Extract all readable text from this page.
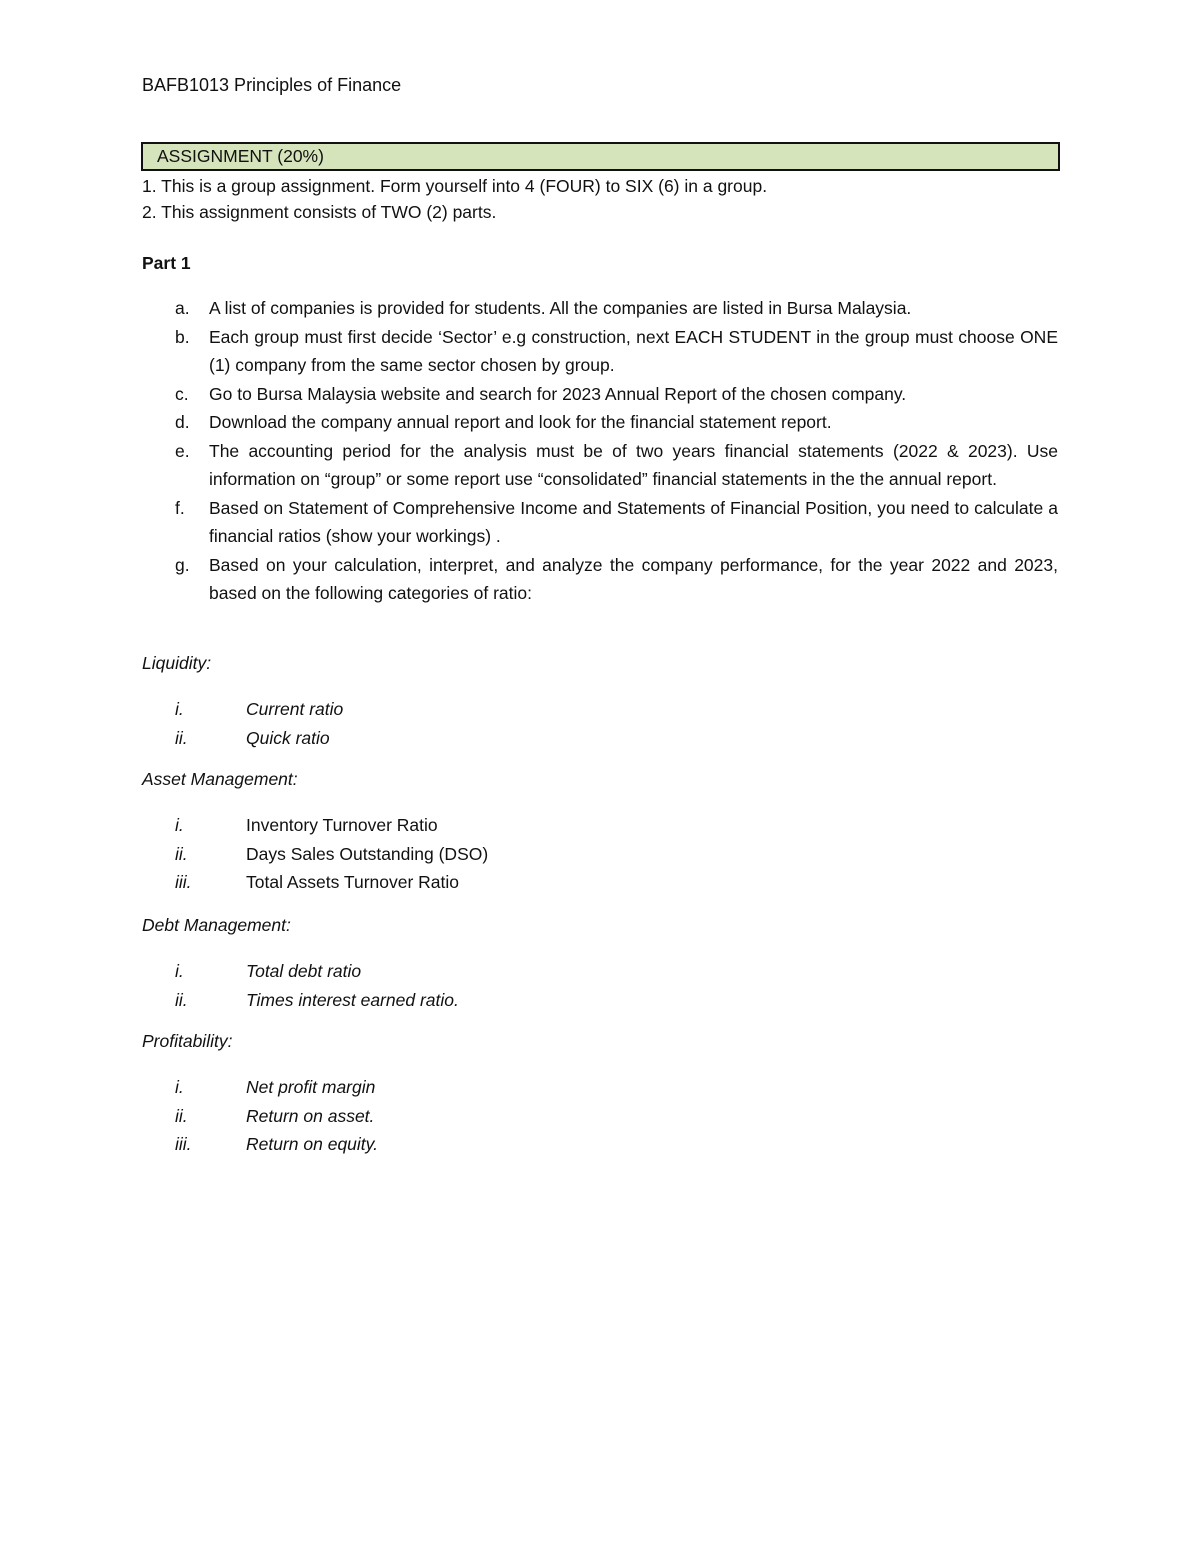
BAFB1013 Principles of Finance
ASSIGNMENT (20%)

1. This is a group assignment. Form yourself into 4 (FOUR) to SIX (6) in a group.

2. This assignment consists of TWO (2) parts.

Part 1
a.	A list of companies is provided for students. All the companies are listed in Bursa Malaysia.
b.	Each group must first decide ‘Sector’ e.g construction, next EACH STUDENT in the group must choose ONE (1) company from the same sector chosen by group.
c.	Go to Bursa Malaysia website and search for 2023 Annual Report of the chosen company.
d.	Download the company annual report and look for the financial statement report.
e.	The accounting period for the analysis must be of two years financial statements (2022 & 2023). Use information on “group” or some report use “consolidated” financial statements in the the annual report.
f.	Based on Statement of Comprehensive Income and Statements of Financial Position, you need to calculate a financial ratios (show your workings) .
g.	Based on your calculation, interpret, and analyze the company performance, for the year 2022 and 2023, based on the following categories of ratio:

Liquidity:

i.	Current ratio
ii.	Quick ratio

Asset Management:

i.	Inventory Turnover Ratio
ii.	Days Sales Outstanding (DSO)
iii.	Total Assets Turnover Ratio

Debt Management:

i.	Total debt ratio
ii.	Times interest earned ratio.

Profitability:

i.	Net profit margin
ii.	Return on asset.
iii.	Return on equity.
